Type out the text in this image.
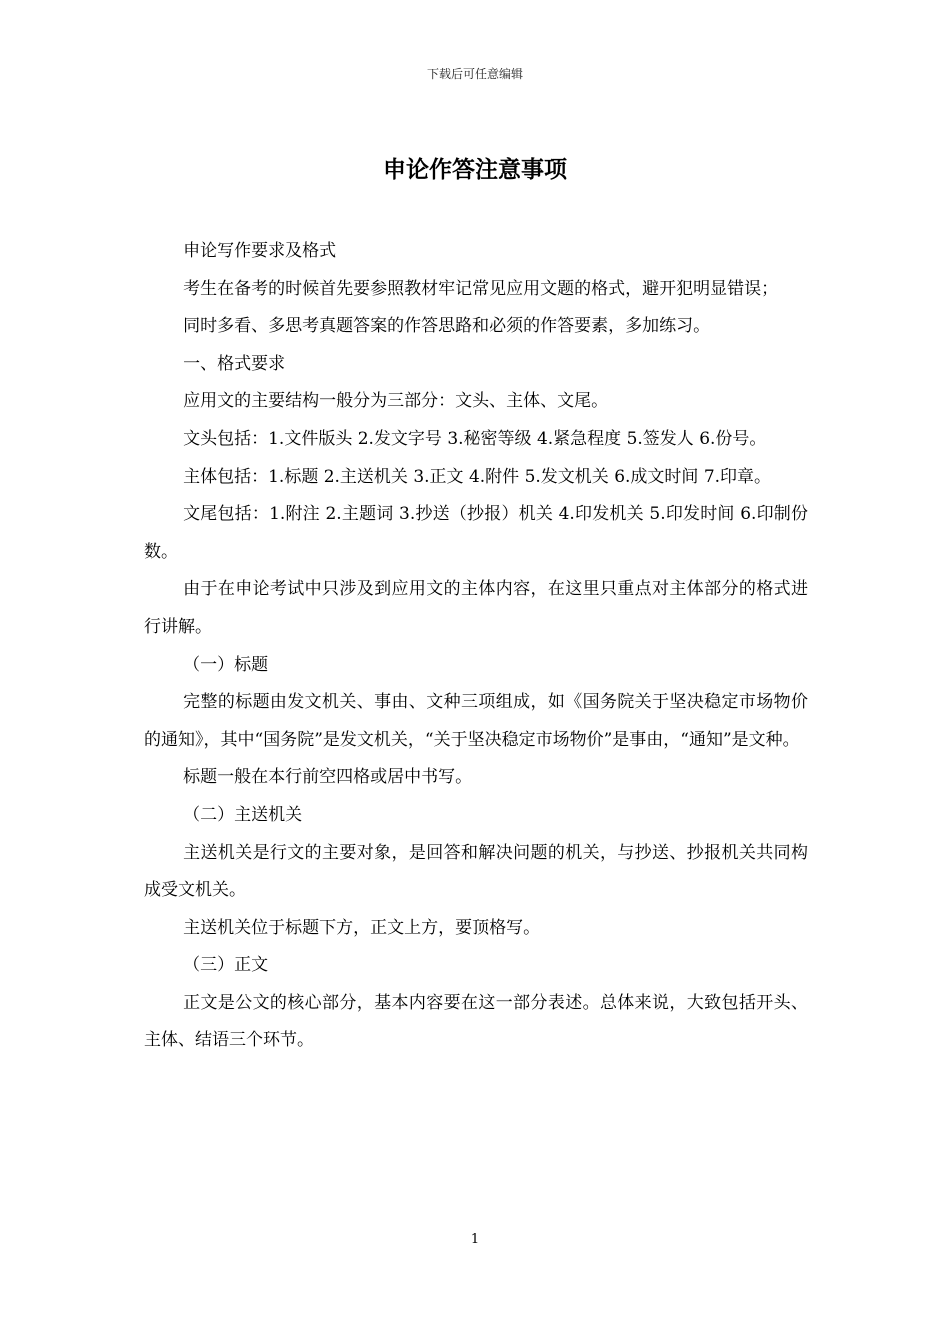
下载后可任意编辑
申论作答注意事项

申论写作要求及格式

考生在备考的时候首先要参照教材牢记常见应用文题的格式，避开犯明显错误；

同时多看、多思考真题答案的作答思路和必须的作答要素，多加练习。

一、格式要求

应用文的主要结构一般分为三部分：文头、主体、文尾。

文头包括：1.文件版头 2.发文字号 3.秘密等级 4.紧急程度 5.签发人 6.份号。

主体包括：1.标题 2.主送机关 3.正文 4.附件 5.发文机关 6.成文时间 7.印章。

文尾包括：1.附注 2.主题词 3.抄送（抄报）机关 4.印发机关 5.印发时间 6.印制份数。

由于在申论考试中只涉及到应用文的主体内容，在这里只重点对主体部分的格式进行讲解。

（一）标题

完整的标题由发文机关、事由、文种三项组成，如《国务院关于坚决稳定市场物价的通知》，其中“国务院”是发文机关，“关于坚决稳定市场物价”是事由，“通知”是文种。

标题一般在本行前空四格或居中书写。

（二）主送机关

主送机关是行文的主要对象，是回答和解决问题的机关，与抄送、抄报机关共同构成受文机关。

主送机关位于标题下方，正文上方，要顶格写。

（三）正文

正文是公文的核心部分，基本内容要在这一部分表述。总体来说，大致包括开头、主体、结语三个环节。

1
